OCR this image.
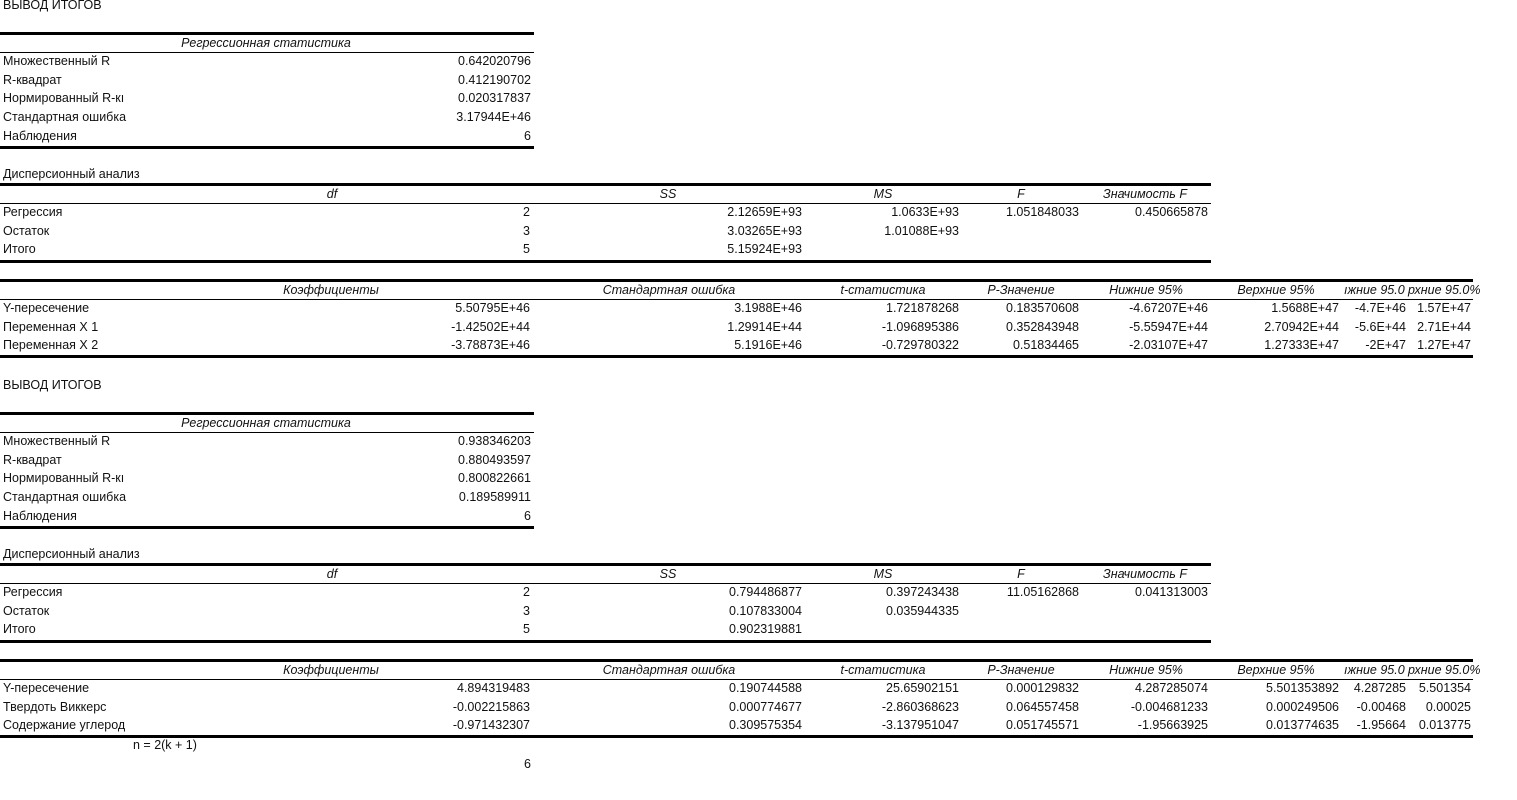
ВЫВОД ИТОГОВ
Регрессионная статистика
Множественный R	0.642020796
R-квадрат	0.412190702
Нормированный R-кı	0.020317837
Стандартная ошибка	3.17944E+46
Наблюдения	6
Дисперсионный анализ
df	SS	MS	F	Значимость F
Регрессия	2	2.12659E+93	1.0633E+93	1.051848033	0.450665878
Остаток	3	3.03265E+93	1.01088E+93
Итого	5	5.15924E+93
Коэффициенты	Стандартная ошибка	t-статистика	P-Значение	Нижние 95%	Верхние 95%	ıжние 95.0 рхние 95.0%
Y-пересечение	5.50795E+46	3.1988E+46	1.721878268	0.183570608	-4.67207E+46	1.5688E+47	-4.7E+46 1.57E+47
Переменная X 1	-1.42502E+44	1.29914E+44	-1.096895386	0.352843948	-5.55947E+44	2.70942E+44	-5.6E+44 2.71E+44
Переменная X 2	-3.78873E+46	5.1916E+46	-0.729780322	0.51834465	-2.03107E+47	1.27333E+47	-2E+47 1.27E+47
ВЫВОД ИТОГОВ
Регрессионная статистика
Множественный R	0.938346203
R-квадрат	0.880493597
Нормированный R-кı	0.800822661
Стандартная ошибка	0.189589911
Наблюдения	6
Дисперсионный анализ
df	SS	MS	F	Значимость F
Регрессия	2	0.794486877	0.397243438	11.05162868	0.041313003
Остаток	3	0.107833004	0.035944335
Итого	5	0.902319881
Коэффициенты	Стандартная ошибка	t-статистика	P-Значение	Нижние 95%	Верхние 95%	ıжние 95.0 рхние 95.0%
Y-пересечение	4.894319483	0.190744588	25.65902151	0.000129832	4.287285074	5.501353892	4.287285	5.501354
Твердоть Виккерс	-0.002215863	0.000774677	-2.860368623	0.064557458	-0.004681233	0.000249506	-0.00468	0.00025
Содержание углерод	-0.971432307	0.309575354	-3.137951047	0.051745571	-1.95663925	0.013774635	-1.95664	0.013775
n = 2(k + 1)
6
